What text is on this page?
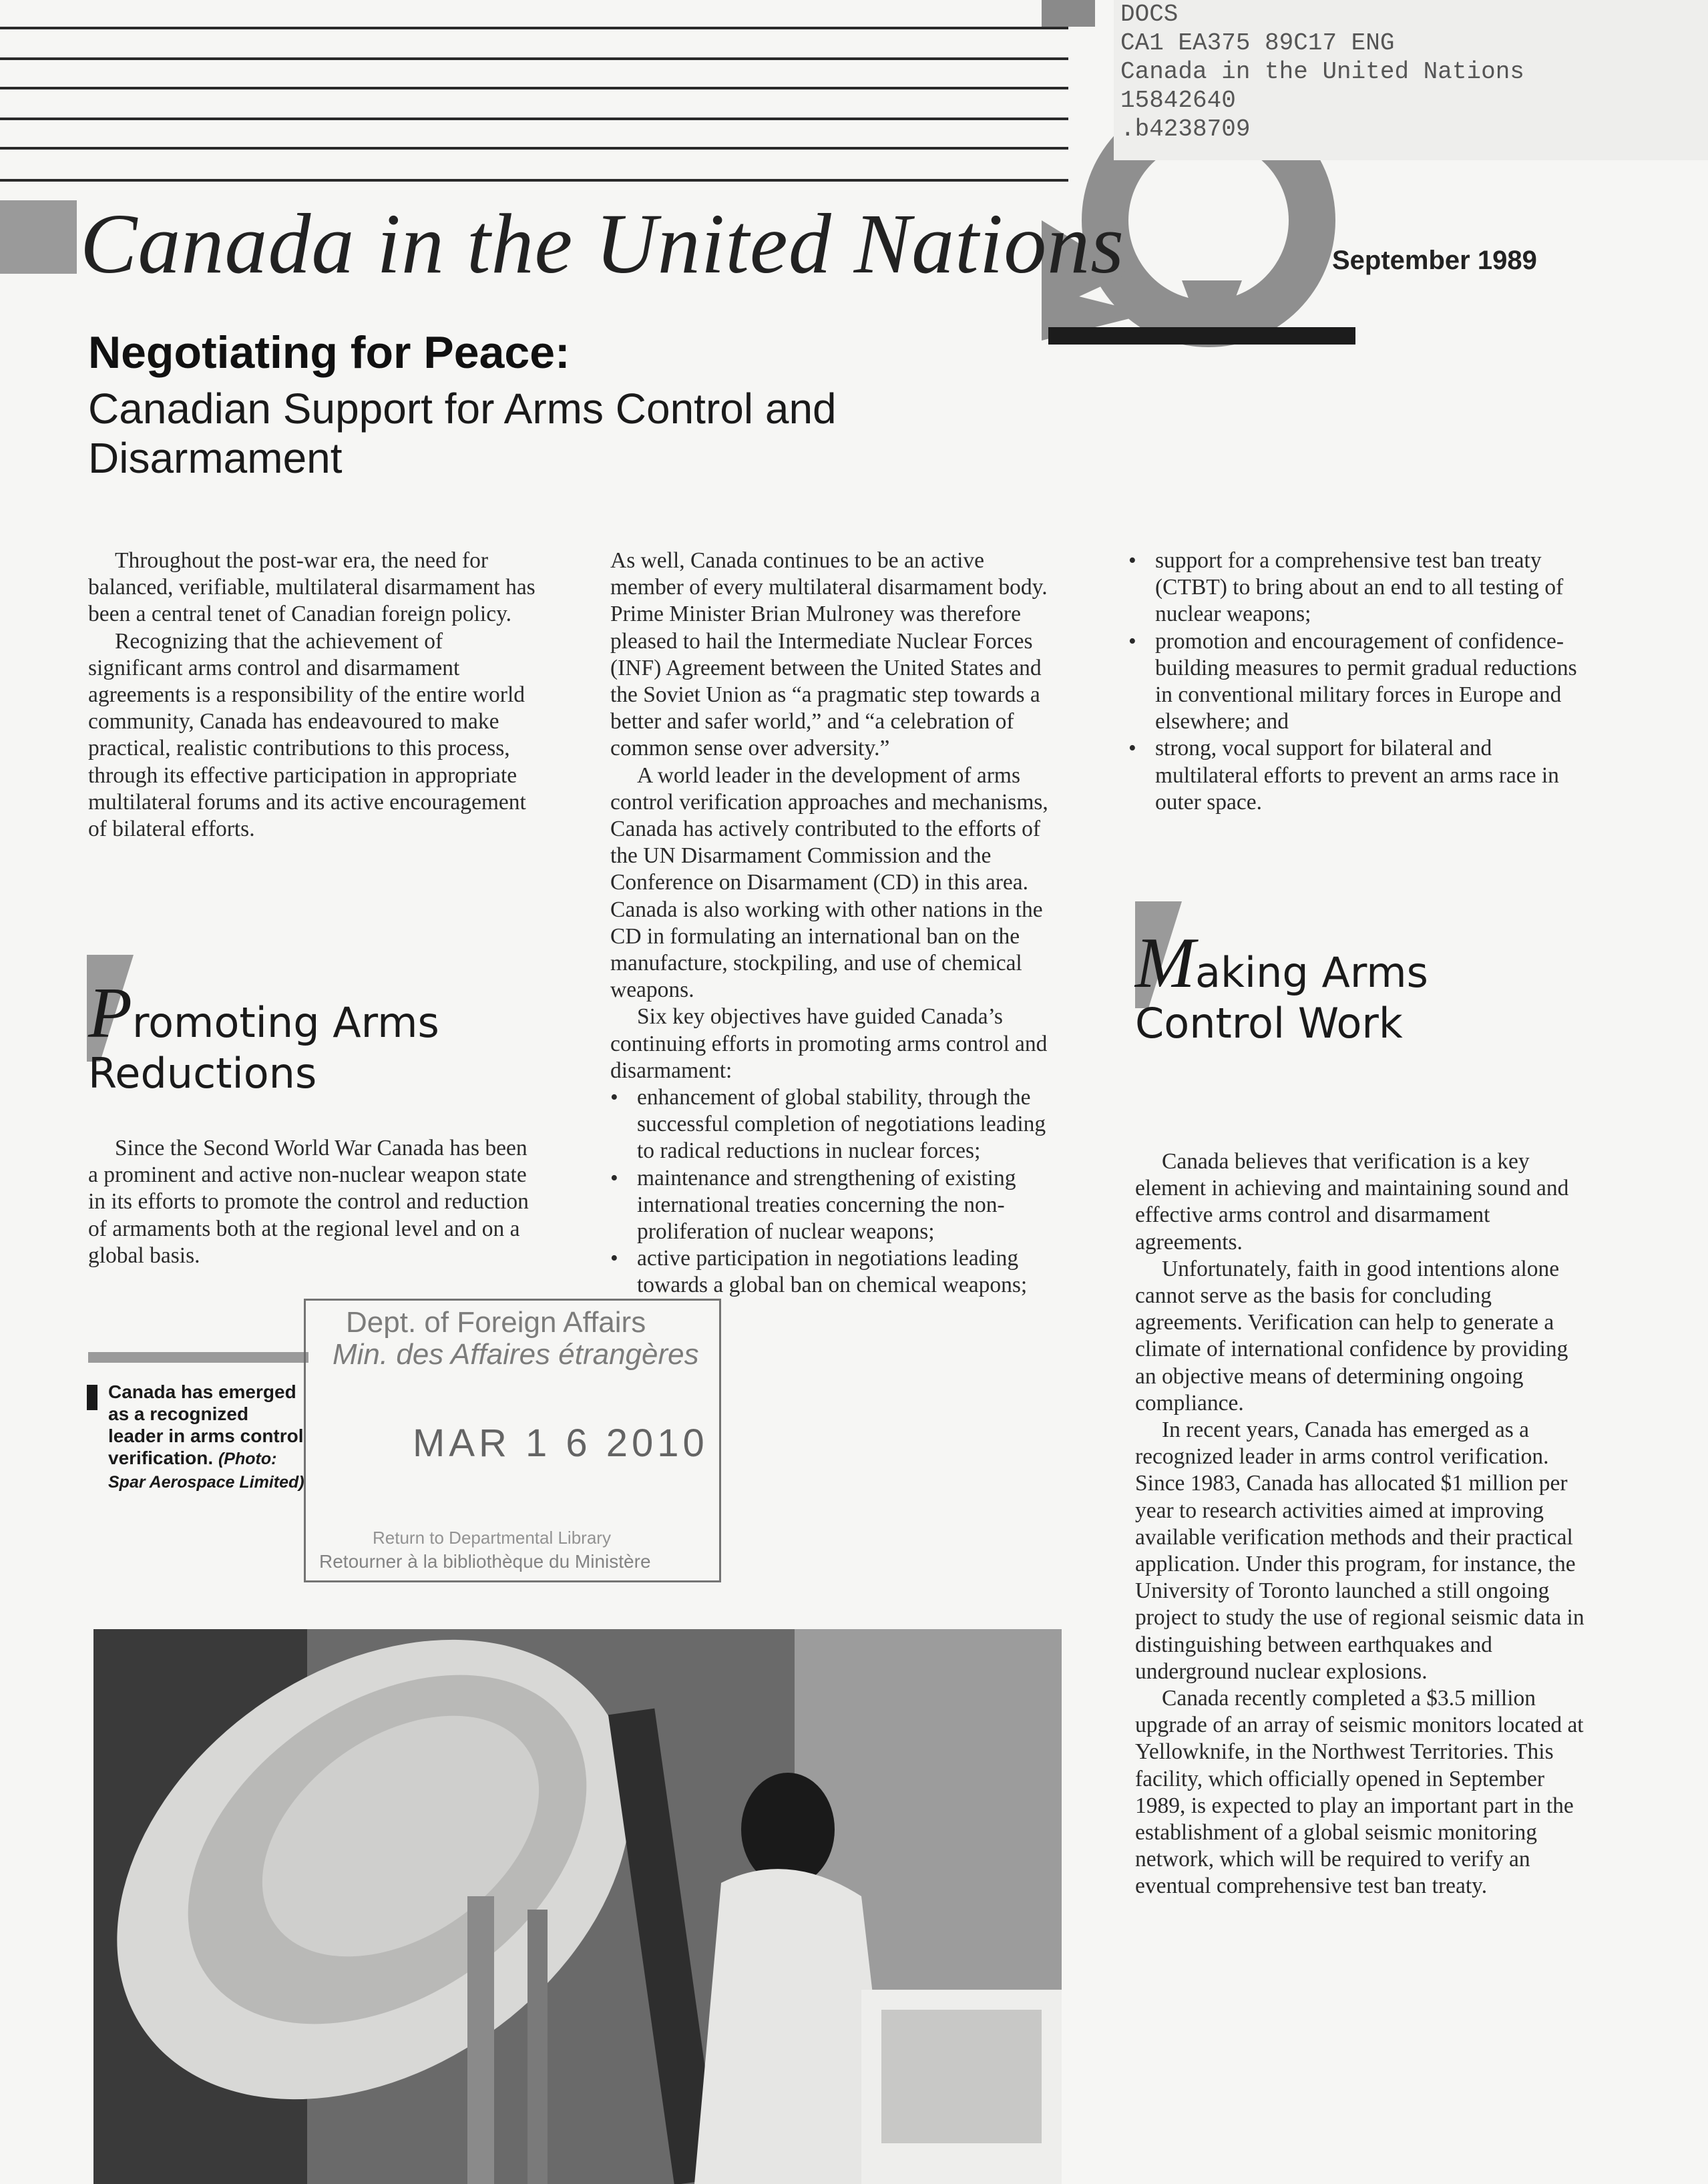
DOCS
CA1 EA375 89C17 ENG
Canada in the United Nations
15842640
.b4238709
Canada in the United Nations	September 1989
Negotiating for Peace:
Canadian Support for Arms Control and Disarmament

Throughout the post-war era, the need for balanced, verifiable, multilateral disarmament has been a central tenet of Canadian foreign policy.

Recognizing that the achievement of significant arms control and disarmament agreements is a responsibility of the entire world community, Canada has endeavoured to make practical, realistic contributions to this process, through its effective participation in appropriate multilateral forums and its active encouragement of bilateral efforts.

Promoting Arms
Reductions

Since the Second World War Canada has been a prominent and active non-nuclear weapon state in its efforts to promote the control and reduction of armaments both at the regional level and on a global basis.

Canada has emerged as a recognized leader in arms control verification. (Photo: Spar Aerospace Limited)

As well, Canada continues to be an active member of every multilateral disarmament body. Prime Minister Brian Mulroney was therefore pleased to hail the Intermediate Nuclear Forces (INF) Agreement between the United States and the Soviet Union as “a pragmatic step towards a better and safer world,” and “a celebration of common sense over adversity.”

A world leader in the development of arms control verification approaches and mechanisms, Canada has actively contributed to the efforts of the UN Disarmament Commission and the Conference on Disarmament (CD) in this area. Canada is also working with other nations in the CD in formulating an international ban on the manufacture, stockpiling, and use of chemical weapons.

Six key objectives have guided Canada’s continuing efforts in promoting arms control and disarmament:

• enhancement of global stability, through the successful completion of negotiations leading to radical reductions in nuclear forces;
• maintenance and strengthening of existing international treaties concerning the non-proliferation of nuclear weapons;
• active participation in negotiations leading towards a global ban on chemical weapons;
• support for a comprehensive test ban treaty (CTBT) to bring about an end to all testing of nuclear weapons;
• promotion and encouragement of confidence-building measures to permit gradual reductions in conventional military forces in Europe and elsewhere; and
• strong, vocal support for bilateral and multilateral efforts to prevent an arms race in outer space.
Making Arms
Control Work

Canada believes that verification is a key element in achieving and maintaining sound and effective arms control and disarmament agreements.

Unfortunately, faith in good intentions alone cannot serve as the basis for concluding agreements. Verification can help to generate a climate of international confidence by providing an objective means of determining ongoing compliance.

In recent years, Canada has emerged as a recognized leader in arms control verification. Since 1983, Canada has allocated $1 million per year to research activities aimed at improving available verification methods and their practical application. Under this program, for instance, the University of Toronto launched a still ongoing project to study the use of regional seismic data in distinguishing between earthquakes and underground nuclear explosions.

Canada recently completed a $3.5 million upgrade of an array of seismic monitors located at Yellowknife, in the Northwest Territories. This facility, which officially opened in September 1989, is expected to play an important part in the establishment of a global seismic monitoring network, which will be required to verify an eventual comprehensive test ban treaty.

Dept. of Foreign Affairs
Min. des Affaires étrangères
MAR 1 6 2010
Return to Departmental Library
Retourner à la bibliothèque du Ministère
